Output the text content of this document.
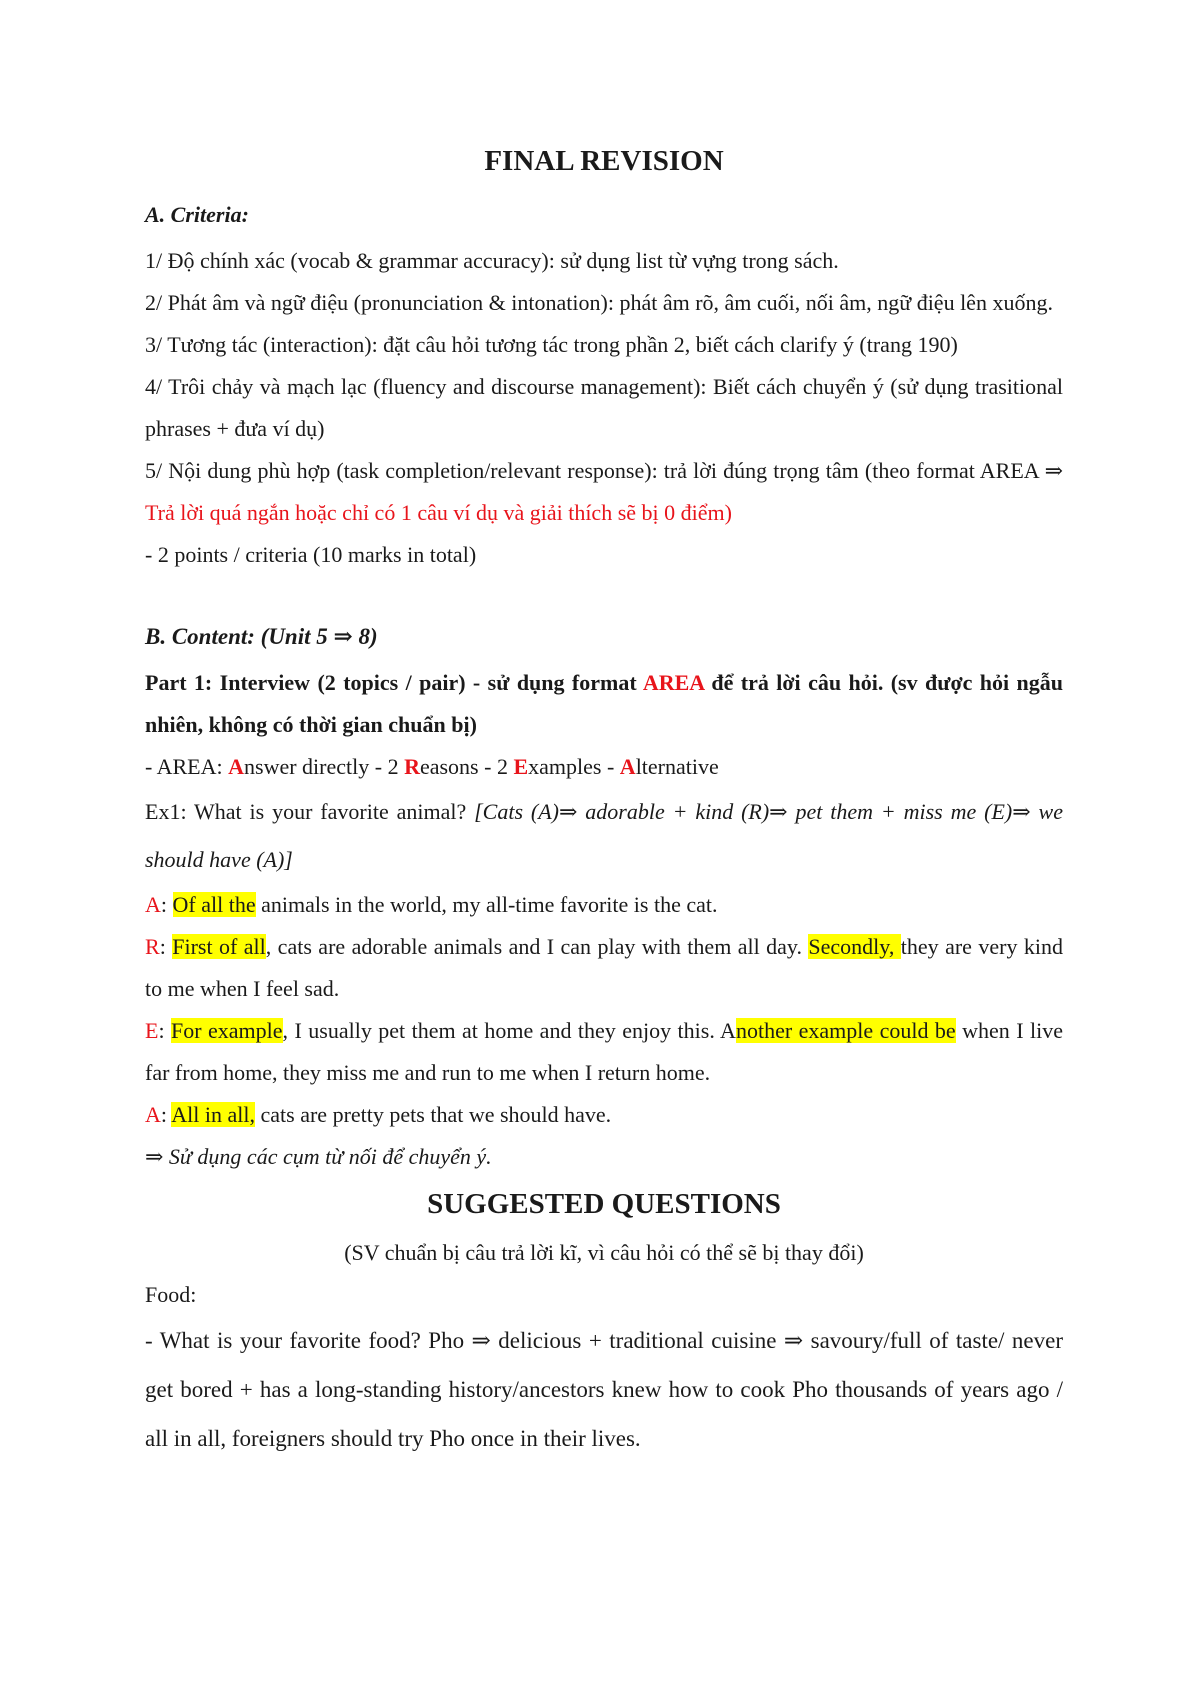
FINAL REVISION
A. Criteria:

1/ Độ chính xác (vocab & grammar accuracy): sử dụng list từ vựng trong sách.

2/ Phát âm và ngữ điệu (pronunciation & intonation): phát âm rõ, âm cuối, nối âm, ngữ điệu lên xuống.

3/ Tương tác (interaction): đặt câu hỏi tương tác trong phần 2, biết cách clarify ý (trang 190)

4/ Trôi chảy và mạch lạc (fluency and discourse management): Biết cách chuyển ý (sử dụng trasitional phrases + đưa ví dụ)

5/ Nội dung phù hợp (task completion/relevant response): trả lời đúng trọng tâm (theo format AREA ⇒ Trả lời quá ngắn hoặc chỉ có 1 câu ví dụ và giải thích sẽ bị 0 điểm)

- 2 points / criteria (10 marks in total)

B. Content: (Unit 5 ⇒ 8)

Part 1: Interview (2 topics / pair) - sử dụng format AREA để trả lời câu hỏi. (sv được hỏi ngẫu nhiên, không có thời gian chuẩn bị)

- AREA: Answer directly - 2 Reasons - 2 Examples - Alternative

Ex1: What is your favorite animal? [Cats (A)⇒ adorable + kind (R)⇒ pet them + miss me (E)⇒ we should have (A)]

A: Of all the animals in the world, my all-time favorite is the cat.

R: First of all, cats are adorable animals and I can play with them all day. Secondly, they are very kind to me when I feel sad.

E: For example, I usually pet them at home and they enjoy this. Another example could be when I live far from home, they miss me and run to me when I return home.

A: All in all, cats are pretty pets that we should have.

⇒ Sử dụng các cụm từ nối để chuyển ý.

SUGGESTED QUESTIONS

(SV chuẩn bị câu trả lời kĩ, vì câu hỏi có thể sẽ bị thay đổi)

Food:

- What is your favorite food? Pho ⇒ delicious + traditional cuisine ⇒ savoury/full of taste/ never get bored + has a long-standing history/ancestors knew how to cook Pho thousands of years ago / all in all, foreigners should try Pho once in their lives.
